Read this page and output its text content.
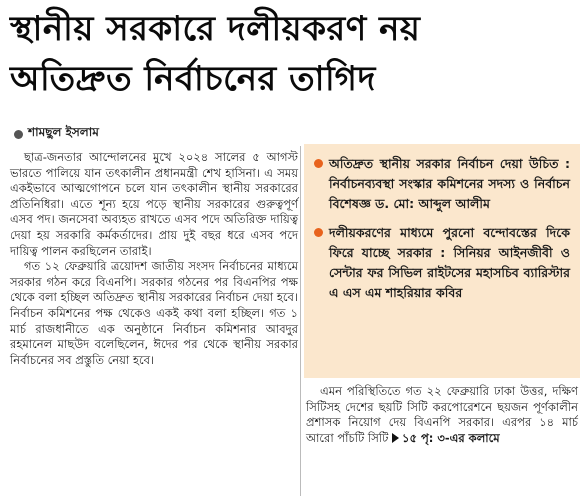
স্থানীয় সরকারে দলীয়করণ নয়
অতিদ্রুত নির্বাচনের তাগিদ
শামছুল ইসলাম

ছাত্র-জনতার আন্দোলনের মুখে ২০২৪ সালের ৫ আগস্ট ভারতে পালিয়ে যান তৎকালীন প্রধানমন্ত্রী শেখ হাসিনা। এ সময় একইভাবে আত্মগোপনে চলে যান তৎকালীন স্থানীয় সরকারের প্রতিনিধিরা। এতে শূন্য হয়ে পড়ে স্থানীয় সরকারের গুরুত্বপূর্ণ এসব পদ। জনসেবা অব্যহত রাখতে এসব পদে অতিরিক্ত দায়িত্ব দেয়া হয় সরকারি কর্মকর্তাদের। প্রায় দুই বছর ধরে এসব পদে দায়িত্ব পালন করছিলেন তারাই।

গত ১২ ফেব্রুয়ারি ত্রয়োদশ জাতীয় সংসদ নির্বাচনের মাধ্যমে সরকার গঠন করে বিএনপি। সরকার গঠনের পর বিএনপির পক্ষ থেকে বলা হচ্ছিল অতিদ্রুত স্থানীয় সরকারের নির্বাচন দেয়া হবে। নির্বাচন কমিশনের পক্ষ থেকেও একই কথা বলা হচ্ছিল। গত ১ মার্চ রাজধানীতে এক অনুষ্ঠানে নির্বাচন কমিশনার আবদুর রহমানেল মাছউদ বলেছিলেন, ঈদের পর থেকে স্থানীয় সরকার নির্বাচনের সব প্রস্তুতি নেয়া হবে।

অতিদ্রুত স্থানীয় সরকার নির্বাচন দেয়া উচিত : নির্বাচনব্যবস্থা সংস্কার কমিশনের সদস্য ও নির্বাচন বিশেষজ্ঞ ড. মো: আব্দুল আলীম
দলীয়করণের মাধ্যমে পুরনো বন্দোবস্তের দিকে ফিরে যাচ্ছে সরকার : সিনিয়র আইনজীবী ও সেন্টার ফর সিভিল রাইটসের মহাসচিব ব্যারিস্টার এ এস এম শাহরিয়ার কবির

এমন পরিস্থিতিতে গত ২২ ফেব্রুয়ারি ঢাকা উত্তর, দক্ষিণ সিটিসহ দেশের ছয়টি সিটি করপোরেশনে ছয়জন পূর্ণকালীন প্রশাসক নিয়োগ দেয় বিএনপি সরকার। এরপর ১৪ মার্চ আরো পাঁচটি সিটি ১৫ পৃ: ৩-এর কলামে
